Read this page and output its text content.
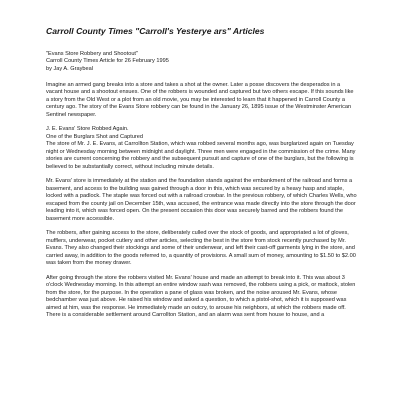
Carroll County Times "Carroll's Yesterye ars" Articles
"Evans Store Robbery and Shootout"
Carroll County Times Article for 26 February 1995
by Jay A. Graybeal

Imagine an armed gang breaks into a store and takes a shot at the owner. Later a posse discovers the desperados in a vacant house and a shootout ensues. One of the robbers is wounded and captured but two others escape. If this sounds like a story from the Old West or a plot from an old movie, you may be interested to learn that it happened in Carroll County a century ago. The story of the Evans Store robbery can be found in the January 26, 1895 issue of the Westminster American Sentinel newspaper.

J. E. Evans' Store Robbed Again.
One of the Burglars Shot and Captured

The store of Mr. J. E. Evans, at Carrollton Station, which was robbed several months ago, was burglarized again on Tuesday night or Wednesday morning between midnight and daylight. Three men were engaged in the commission of the crime. Many stories are current concerning the robbery and the subsequent pursuit and capture of one of the burglars, but the following is believed to be substantially correct, without including minute details.

Mr. Evans' store is immediately at the station and the foundation stands against the embankment of the railroad and forms a basement, and access to the building was gained through a door in this, which was secured by a heavy hasp and staple, locked with a padlock. The staple was forced out with a railroad crowbar. In the previous robbery, of which Charles Wells, who escaped from the county jail on December 15th, was accused, the entrance was made directly into the store through the door leading into it, which was forced open. On the present occasion this door was securely barred and the robbers found the basement more accessible.

The robbers, after gaining access to the store, deliberately culled over the stock of goods, and appropriated a lot of gloves, mufflers, underwear, pocket cutlery and other articles, selecting the best in the store from stock recently purchased by Mr. Evans. They also changed their stockings and some of their underwear, and left their cast-off garments lying in the store, and carried away, in addition to the goods referred to, a quantity of provisions. A small sum of money, amounting to $1.50 to $2.00 was taken from the money drawer.

After going through the store the robbers visited Mr. Evans' house and made an attempt to break into it. This was about 3 o'clock Wednesday morning. In this attempt an entire window sash was removed, the robbers using a pick, or mattock, stolen from the store, for the purpose. In the operation a pane of glass was broken, and the noise aroused Mr. Evans, whose bedchamber was just above. He raised his window and asked a question, to which a pistol-shot, which it is supposed was aimed at him, was the response. He immediately made an outcry, to arouse his neighbors, at which the robbers made off. There is a considerable settlement around Carrollton Station, and an alarm was sent from house to house, and a
